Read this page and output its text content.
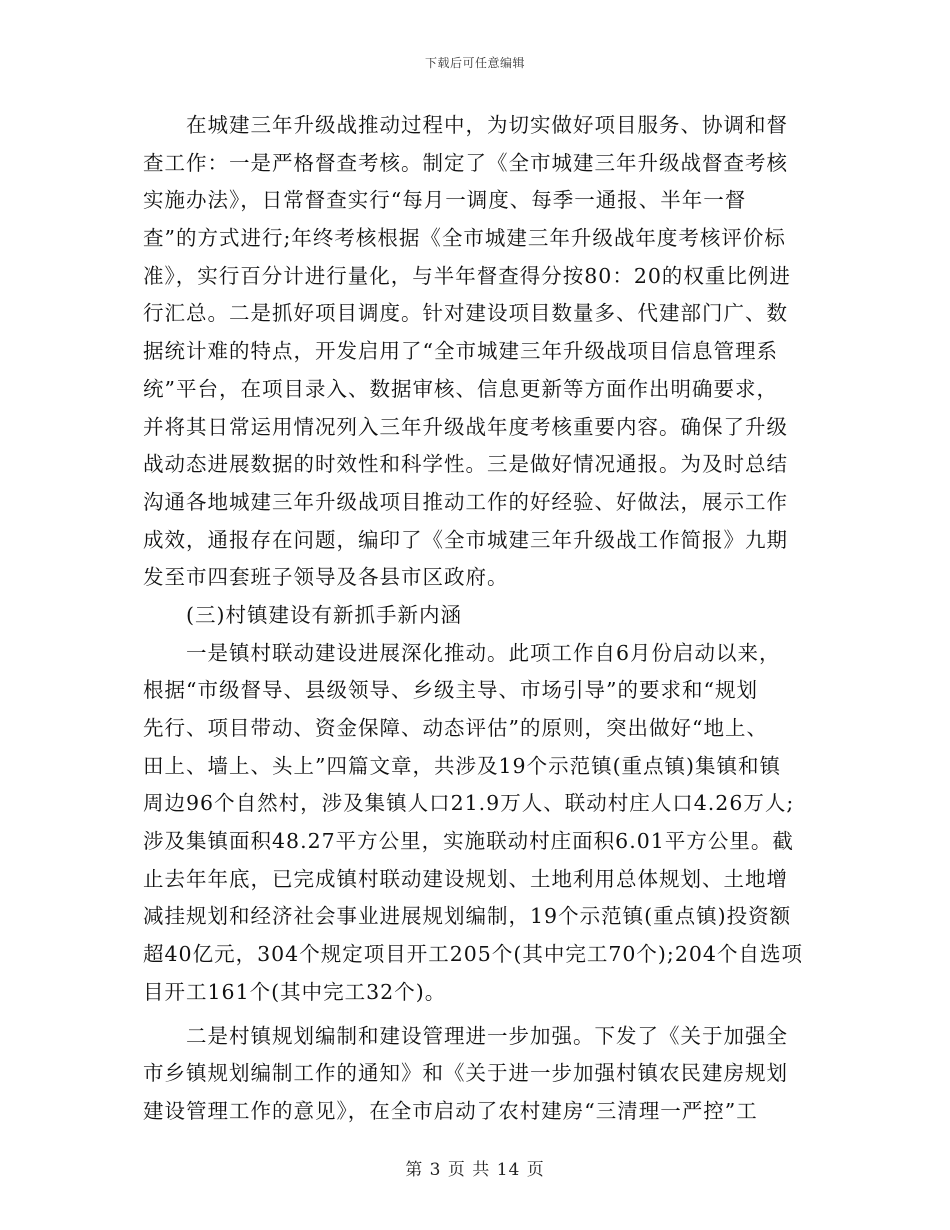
下载后可任意编辑
　　在城建三年升级战推动过程中，为切实做好项目服务、协调和督
查工作：一是严格督查考核。制定了《全市城建三年升级战督查考核
实施办法》，日常督查实行“每月一调度、每季一通报、半年一督
查”的方式进行;年终考核根据《全市城建三年升级战年度考核评价标
准》，实行百分计进行量化，与半年督查得分按80：20的权重比例进
行汇总。二是抓好项目调度。针对建设项目数量多、代建部门广、数
据统计难的特点，开发启用了“全市城建三年升级战项目信息管理系
统”平台，在项目录入、数据审核、信息更新等方面作出明确要求，
并将其日常运用情况列入三年升级战年度考核重要内容。确保了升级
战动态进展数据的时效性和科学性。三是做好情况通报。为及时总结
沟通各地城建三年升级战项目推动工作的好经验、好做法，展示工作
成效，通报存在问题，编印了《全市城建三年升级战工作简报》九期
发至市四套班子领导及各县市区政府。
　　(三)村镇建设有新抓手新内涵
　　一是镇村联动建设进展深化推动。此项工作自6月份启动以来，
根据“市级督导、县级领导、乡级主导、市场引导”的要求和“规划
先行、项目带动、资金保障、动态评估”的原则，突出做好“地上、
田上、墙上、头上”四篇文章，共涉及19个示范镇(重点镇)集镇和镇
周边96个自然村，涉及集镇人口21.9万人、联动村庄人口4.26万人;
涉及集镇面积48.27平方公里，实施联动村庄面积6.01平方公里。截
止去年年底，已完成镇村联动建设规划、土地利用总体规划、土地增
减挂规划和经济社会事业进展规划编制，19个示范镇(重点镇)投资额
超40亿元，304个规定项目开工205个(其中完工70个);204个自选项
目开工161个(其中完工32个)。
　　二是村镇规划编制和建设管理进一步加强。下发了《关于加强全
市乡镇规划编制工作的通知》和《关于进一步加强村镇农民建房规划
建设管理工作的意见》，在全市启动了农村建房“三清理一严控”工
第 3 页 共 14 页
